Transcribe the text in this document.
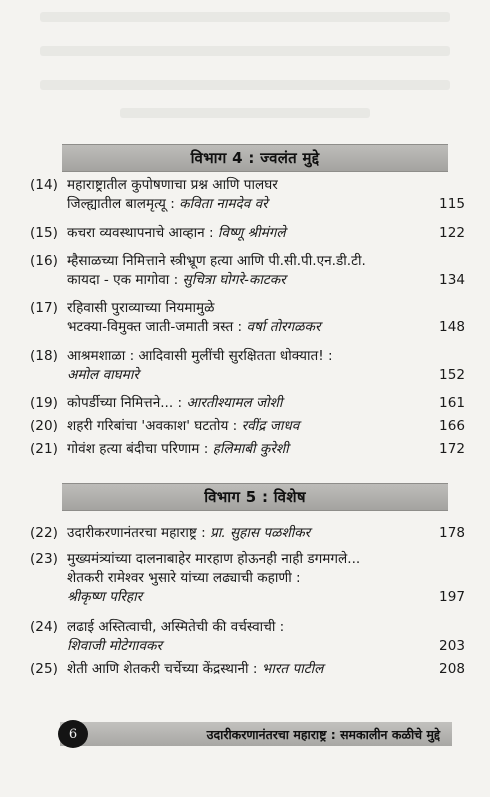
विभाग 4 : ज्वलंत मुद्दे
(14) महाराष्ट्रातील कुपोषणाचा प्रश्न आणि पालघर
जिल्ह्यातील बालमृत्यू : कविता नामदेव वरे	115
(15) कचरा व्यवस्थापनाचे आव्हान : विष्णू श्रीमंगले	122
(16) म्हैसाळच्या निमित्ताने स्त्रीभ्रूण हत्या आणि पी.सी.पी.एन.डी.टी.
कायदा - एक मागोवा : सुचित्रा घोगरे-काटकर	134
(17) रहिवासी पुराव्याच्या नियमामुळे
भटक्या-विमुक्त जाती-जमाती त्रस्त : वर्षा तोरगळकर	148
(18) आश्रमशाळा : आदिवासी मुलींची सुरक्षितता धोक्यात! :
अमोल वाघमारे	152
(19) कोपर्डीच्या निमित्तने... : आरतीश्यामल जोशी	161
(20) शहरी गरिबांचा 'अवकाश' घटतोय : रवींद्र जाधव	166
(21) गोवंश हत्या बंदीचा परिणाम : हलिमाबी कुरेशी	172
विभाग 5 : विशेष
(22) उदारीकरणानंतरचा महाराष्ट्र : प्रा. सुहास पळशीकर	178
(23) मुख्यमंत्र्यांच्या दालनाबाहेर मारहाण होऊनही नाही डगमगले...
शेतकरी रामेश्वर भुसारे यांच्या लढ्याची कहाणी :
श्रीकृष्ण परिहार	197
(24) लढाई अस्तित्वाची, अस्मितेची की वर्चस्वाची :
शिवाजी मोटेगावकर	203
(25) शेती आणि शेतकरी चर्चेच्या केंद्रस्थानी : भारत पाटील	208
उदारीकरणानंतरचा महाराष्ट्र : समकालीन कळीचे मुद्दे
6
